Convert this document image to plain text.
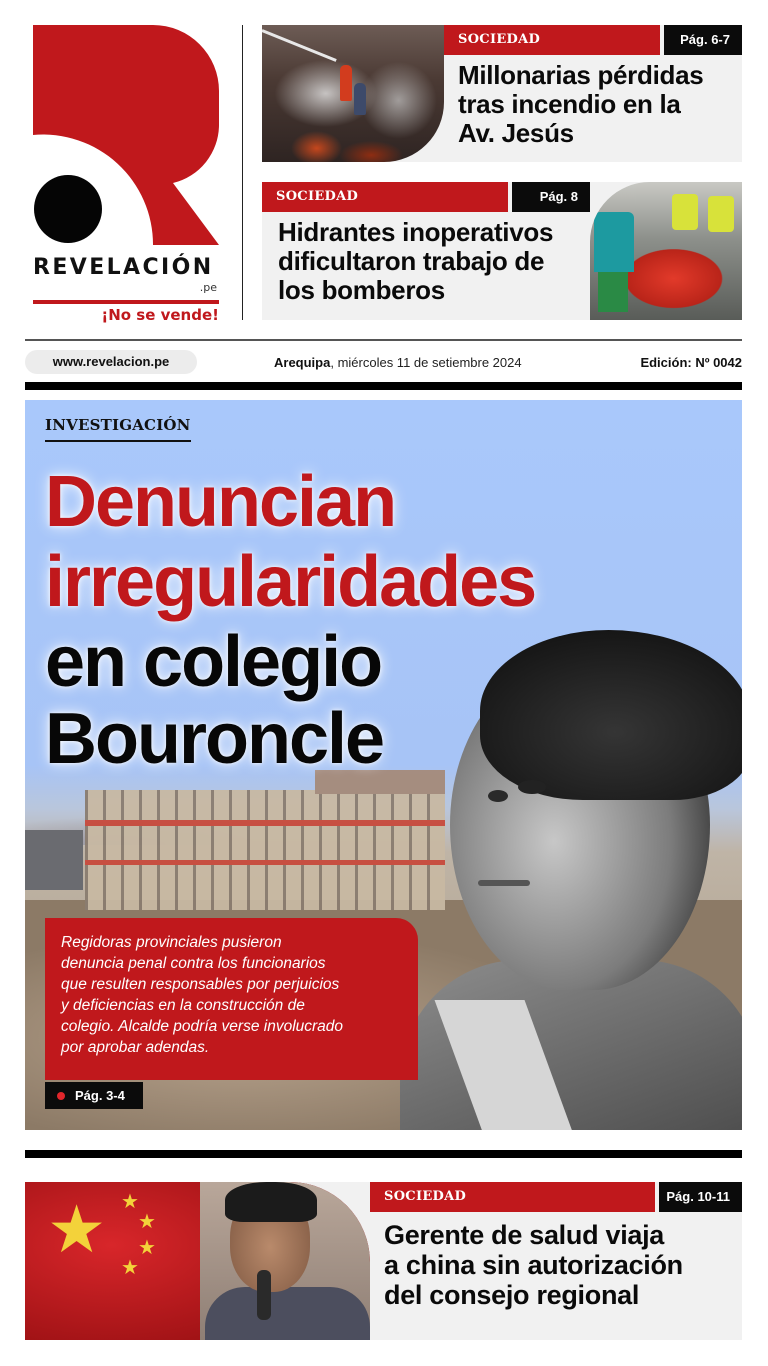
REVELACIÓN
.pe
¡No se vende!
SOCIEDAD	Pág. 6-7
Millonarias pérdidas
tras incendio en la
Av. Jesús
SOCIEDAD	Pág. 8
Hidrantes inoperativos
dificultaron trabajo de
los bomberos
www.revelacion.pe	Arequipa, miércoles 11 de setiembre 2024	Edición: Nº 0042
INVESTIGACIÓN
Denuncian
irregularidades
en colegio
Bouroncle
Regidoras provinciales pusieron
denuncia penal contra los funcionarios
que resulten responsables por perjuicios
y deficiencias en la construcción de
colegio. Alcalde podría verse involucrado
por aprobar adendas.
Pág. 3-4
★ ★
★
★
★
SOCIEDAD	Pág. 10-11
Gerente de salud viaja
a china sin autorización
del consejo regional
